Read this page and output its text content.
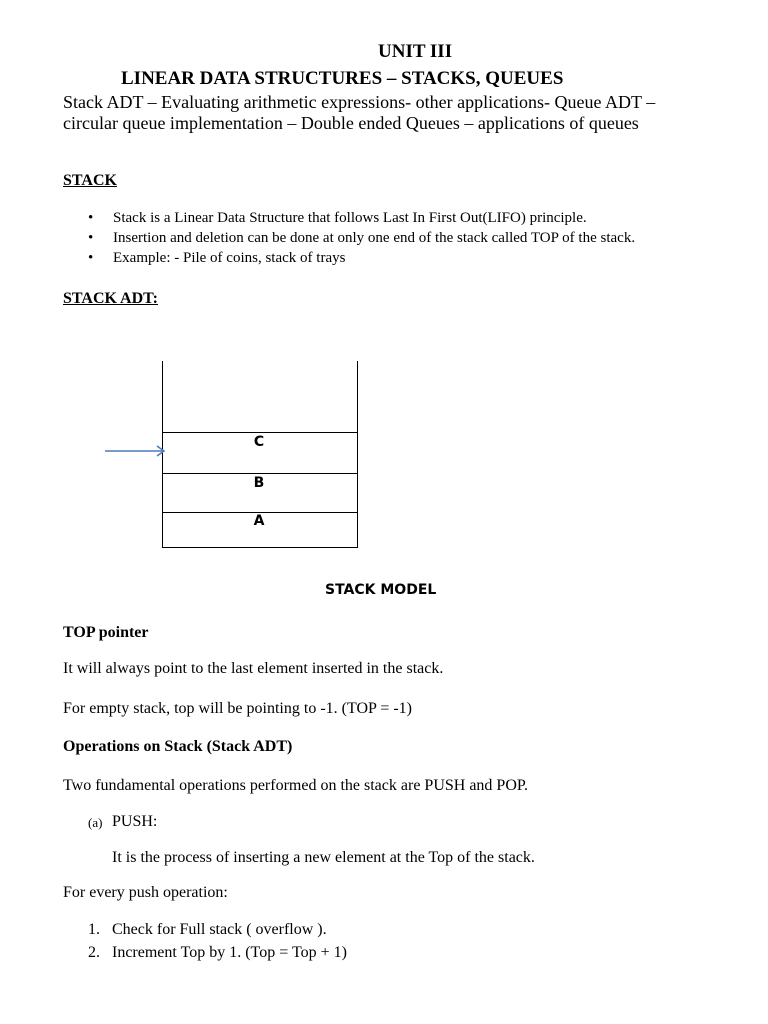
UNIT III
LINEAR DATA STRUCTURES – STACKS, QUEUES
Stack ADT – Evaluating arithmetic expressions- other applications- Queue ADT –
circular queue implementation – Double ended Queues – applications of queues
STACK
• Stack is a Linear Data Structure that follows Last In First Out(LIFO) principle.
• Insertion and deletion can be done at only one end of the stack called TOP of the stack.
• Example: - Pile of coins, stack of trays
STACK ADT:
C
B
A
STACK MODEL
TOP pointer
It will always point to the last element inserted in the stack.
For empty stack, top will be pointing to -1. (TOP = -1)
Operations on Stack (Stack ADT)
Two fundamental operations performed on the stack are PUSH and POP.
(a) PUSH:
It is the process of inserting a new element at the Top of the stack.
For every push operation:
1. Check for Full stack ( overflow ).
2. Increment Top by 1. (Top = Top + 1)
